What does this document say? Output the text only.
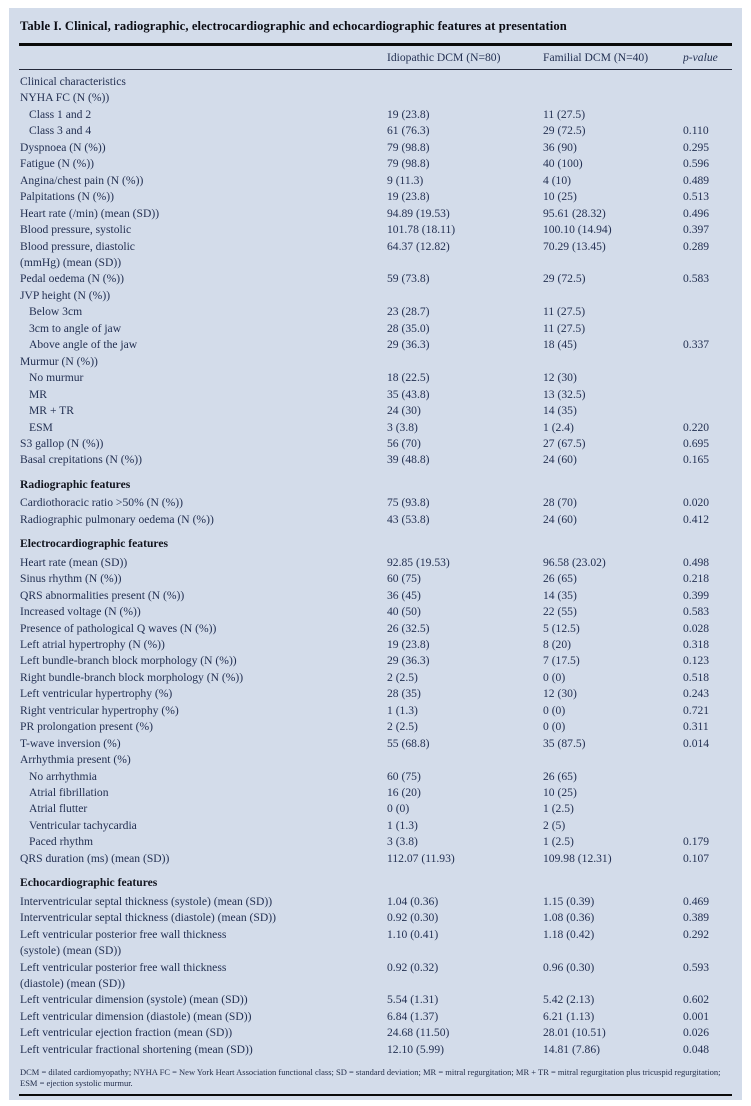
Table I. Clinical, radiographic, electrocardiographic and echocardiographic features at presentation
Idiopathic DCM (N=80)	Familial DCM (N=40)	p-value
Clinical characteristics
NYHA FC (N (%))
Class 1 and 2	19 (23.8)	11 (27.5)
Class 3 and 4	61 (76.3)	29 (72.5)	0.110
Dyspnoea (N (%))	79 (98.8)	36 (90)	0.295
Fatigue (N (%))	79 (98.8)	40 (100)	0.596
Angina/chest pain (N (%))	9 (11.3)	4 (10)	0.489
Palpitations (N (%))	19 (23.8)	10 (25)	0.513
Heart rate (/min) (mean (SD))	94.89 (19.53)	95.61 (28.32)	0.496
Blood pressure, systolic	101.78 (18.11)	100.10 (14.94)	0.397
Blood pressure, diastolic	64.37 (12.82)	70.29 (13.45)	0.289
(mmHg) (mean (SD))
Pedal oedema (N (%))	59 (73.8)	29 (72.5)	0.583
JVP height (N (%))
Below 3cm	23 (28.7)	11 (27.5)
3cm to angle of jaw	28 (35.0)	11 (27.5)
Above angle of the jaw	29 (36.3)	18 (45)	0.337
Murmur (N (%))
No murmur	18 (22.5)	12 (30)
MR	35 (43.8)	13 (32.5)
MR + TR	24 (30)	14 (35)
ESM	3 (3.8)	1 (2.4)	0.220
S3 gallop (N (%))	56 (70)	27 (67.5)	0.695
Basal crepitations (N (%))	39 (48.8)	24 (60)	0.165
Radiographic features
Cardiothoracic ratio >50% (N (%))	75 (93.8)	28 (70)	0.020
Radiographic pulmonary oedema (N (%))	43 (53.8)	24 (60)	0.412
Electrocardiographic features
Heart rate (mean (SD))	92.85 (19.53)	96.58 (23.02)	0.498
Sinus rhythm (N (%))	60 (75)	26 (65)	0.218
QRS abnormalities present (N (%))	36 (45)	14 (35)	0.399
Increased voltage (N (%))	40 (50)	22 (55)	0.583
Presence of pathological Q waves (N (%))	26 (32.5)	5 (12.5)	0.028
Left atrial hypertrophy (N (%))	19 (23.8)	8 (20)	0.318
Left bundle-branch block morphology (N (%))	29 (36.3)	7 (17.5)	0.123
Right bundle-branch block morphology (N (%))	2 (2.5)	0 (0)	0.518
Left ventricular hypertrophy (%)	28 (35)	12 (30)	0.243
Right ventricular hypertrophy (%)	1 (1.3)	0 (0)	0.721
PR prolongation present (%)	2 (2.5)	0 (0)	0.311
T-wave inversion (%)	55 (68.8)	35 (87.5)	0.014
Arrhythmia present (%)
No arrhythmia	60 (75)	26 (65)
Atrial fibrillation	16 (20)	10 (25)
Atrial flutter	0 (0)	1 (2.5)
Ventricular tachycardia	1 (1.3)	2 (5)
Paced rhythm	3 (3.8)	1 (2.5)	0.179
QRS duration (ms) (mean (SD))	112.07 (11.93)	109.98 (12.31)	0.107
Echocardiographic features
Interventricular septal thickness (systole) (mean (SD))	1.04 (0.36)	1.15 (0.39)	0.469
Interventricular septal thickness (diastole) (mean (SD))	0.92 (0.30)	1.08 (0.36)	0.389
Left ventricular posterior free wall thickness	1.10 (0.41)	1.18 (0.42)	0.292
(systole) (mean (SD))
Left ventricular posterior free wall thickness	0.92 (0.32)	0.96 (0.30)	0.593
(diastole) (mean (SD))
Left ventricular dimension (systole) (mean (SD))	5.54 (1.31)	5.42 (2.13)	0.602
Left ventricular dimension (diastole) (mean (SD))	6.84 (1.37)	6.21 (1.13)	0.001
Left ventricular ejection fraction (mean (SD))	24.68 (11.50)	28.01 (10.51)	0.026
Left ventricular fractional shortening (mean (SD))	12.10 (5.99)	14.81 (7.86)	0.048
DCM = dilated cardiomyopathy; NYHA FC = New York Heart Association functional class; SD = standard deviation; MR = mitral regurgitation; MR + TR = mitral regurgitation plus tricuspid regurgitation; ESM = ejection systolic murmur.
